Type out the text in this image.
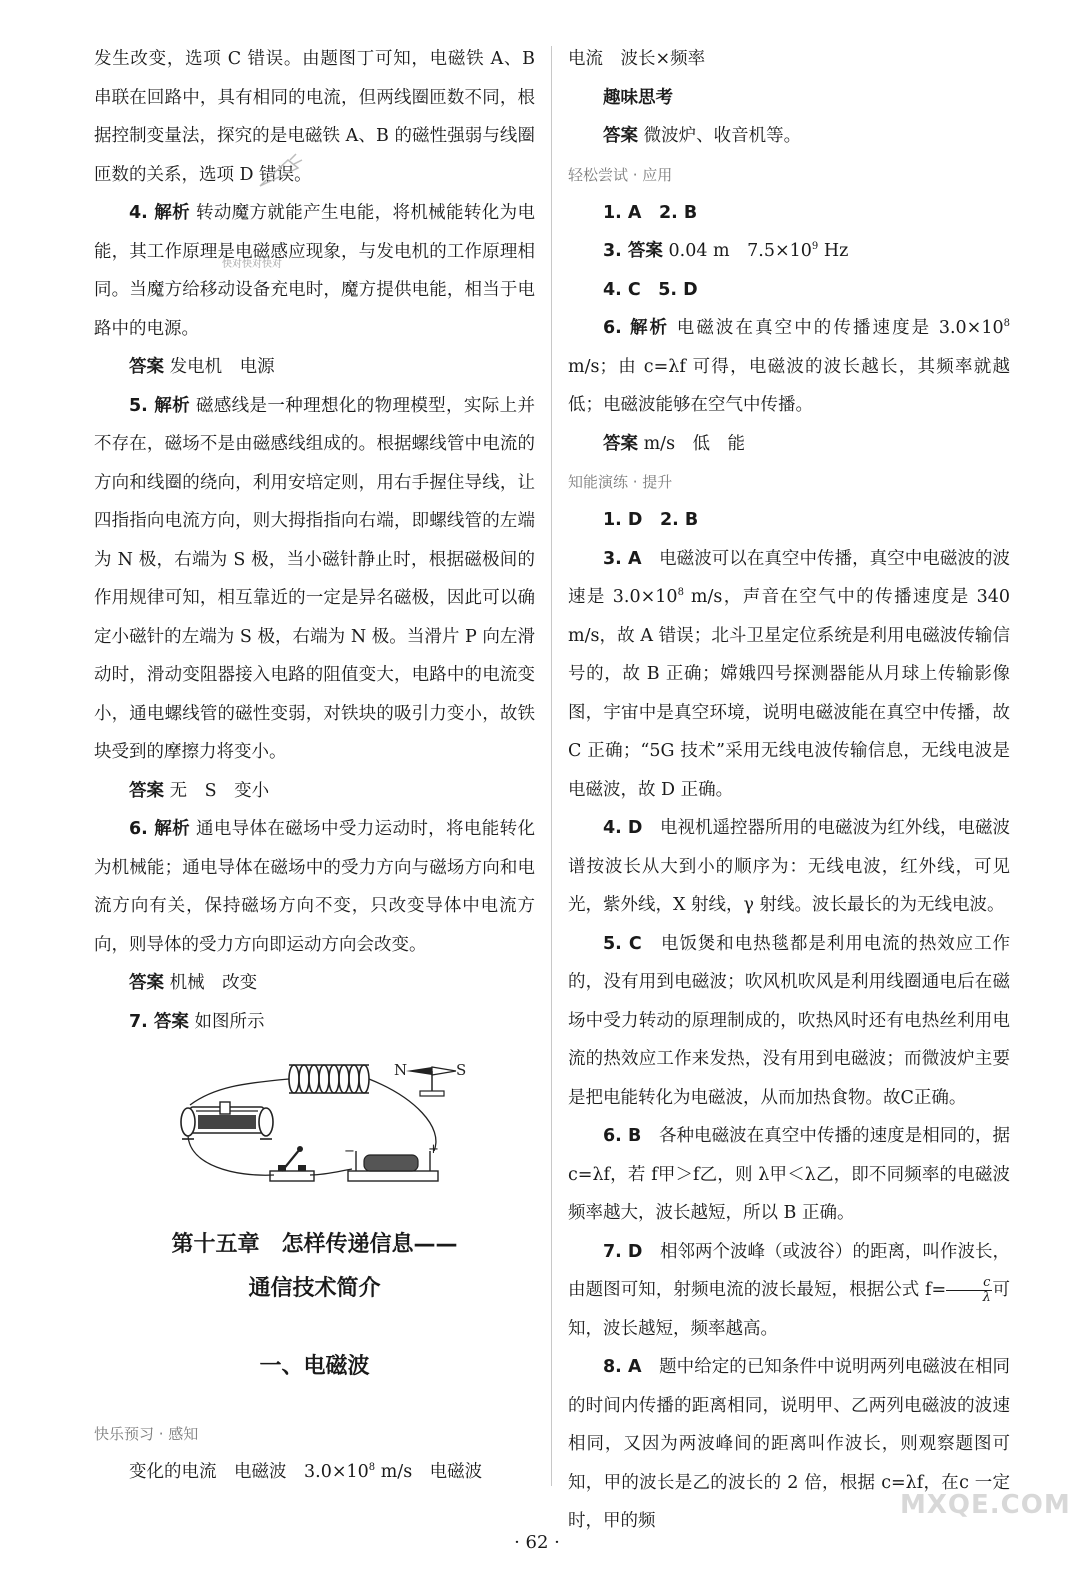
发生改变，选项 C 错误。由题图丁可知，电磁铁 A、B 串联在回路中，具有相同的电流，但两线圈匝数不同，根据控制变量法，探究的是电磁铁 A、B 的磁性强弱与线圈匝数的关系，选项 D 错误。

4. 解析 转动魔方就能产生电能，将机械能转化为电能，其工作原理是电磁感应现象，与发电机的工作原理相同。当魔方给移动设备充电时，魔方提供电能，相当于电路中的电源。

答案 发电机　电源

5. 解析 磁感线是一种理想化的物理模型，实际上并不存在，磁场不是由磁感线组成的。根据螺线管中电流的方向和线圈的绕向，利用安培定则，用右手握住导线，让四指指向电流方向，则大拇指指向右端，即螺线管的左端为 N 极，右端为 S 极，当小磁针静止时，根据磁极间的作用规律可知，相互靠近的一定是异名磁极，因此可以确定小磁针的左端为 S 极，右端为 N 极。当滑片 P 向左滑动时，滑动变阻器接入电路的阻值变大，电路中的电流变小，通电螺线管的磁性变弱，对铁块的吸引力变小，故铁块受到的摩擦力将变小。

答案 无　S　变小

6. 解析 通电导体在磁场中受力运动时，将电能转化为机械能；通电导体在磁场中的受力方向与磁场方向和电流方向有关，保持磁场方向不变，只改变导体中电流方向，则导体的受力方向即运动方向会改变。

答案 机械　改变

7. 答案 如图所示

N	S
−	+
第十五章　怎样传递信息——
通信技术简介
一、电磁波
快乐预习 · 感知

变化的电流　电磁波　$3.0\times 10^8$ m/s　电磁波

电流　波长×频率

趣味思考

答案 微波炉、收音机等。

轻松尝试 · 应用

1. A　2. B

3. 答案 0.04 m　$7.5\times 10^9$ Hz

4. C　5. D

6. 解析 电磁波在真空中的传播速度是 $3.0\times 10^8$ m/s；由 c=λf 可得，电磁波的波长越长，其频率就越低；电磁波能够在空气中传播。

答案 m/s　低　能

知能演练 · 提升

1. D　2. B

3. A　 电磁波可以在真空中传播，真空中电磁波的波速是 $3.0\times 10^8$ m/s，声音在空气中的传播速度是 340 m/s，故 A 错误；北斗卫星定位系统是利用电磁波传输信号的，故 B 正确；嫦娥四号探测器能从月球上传输影像图，宇宙中是真空环境，说明电磁波能在真空中传播，故 C 正确；“5G 技术”采用无线电波传输信息，无线电波是电磁波，故 D 正确。

4. D　 电视机遥控器所用的电磁波为红外线，电磁波谱按波长从大到小的顺序为：无线电波，红外线，可见光，紫外线，X 射线，γ 射线。波长最长的为无线电波。

5. C　 电饭煲和电热毯都是利用电流的热效应工作的，没有用到电磁波；吹风机吹风是利用线圈通电后在磁场中受力转动的原理制成的，吹热风时还有电热丝利用电流的热效应工作来发热，没有用到电磁波；而微波炉主要是把电能转化为电磁波，从而加热食物。故C正确。

6. B　 各种电磁波在真空中传播的速度是相同的，据c=λf，若 f甲＞f乙，则 λ甲＜λ乙，即不同频率的电磁波频率越大，波长越短，所以 B 正确。

7. D　 相邻两个波峰（或波谷）的距离，叫作波长，由题图可知，射频电流的波长最短，根据公式 $f= \frac{c}{\lambda}$ 可知，波长越短，频率越高。

8. A　 题中给定的已知条件中说明两列电磁波在相同的时间内传播的距离相同，说明甲、乙两列电磁波的波速相同，又因为两波峰间的距离叫作波长，则观察题图可知，甲的波长是乙的波长的 2 倍，根据 c=λf，在c 一定时，甲的频

快对快对快对
MXQE.COM
· 62 ·
